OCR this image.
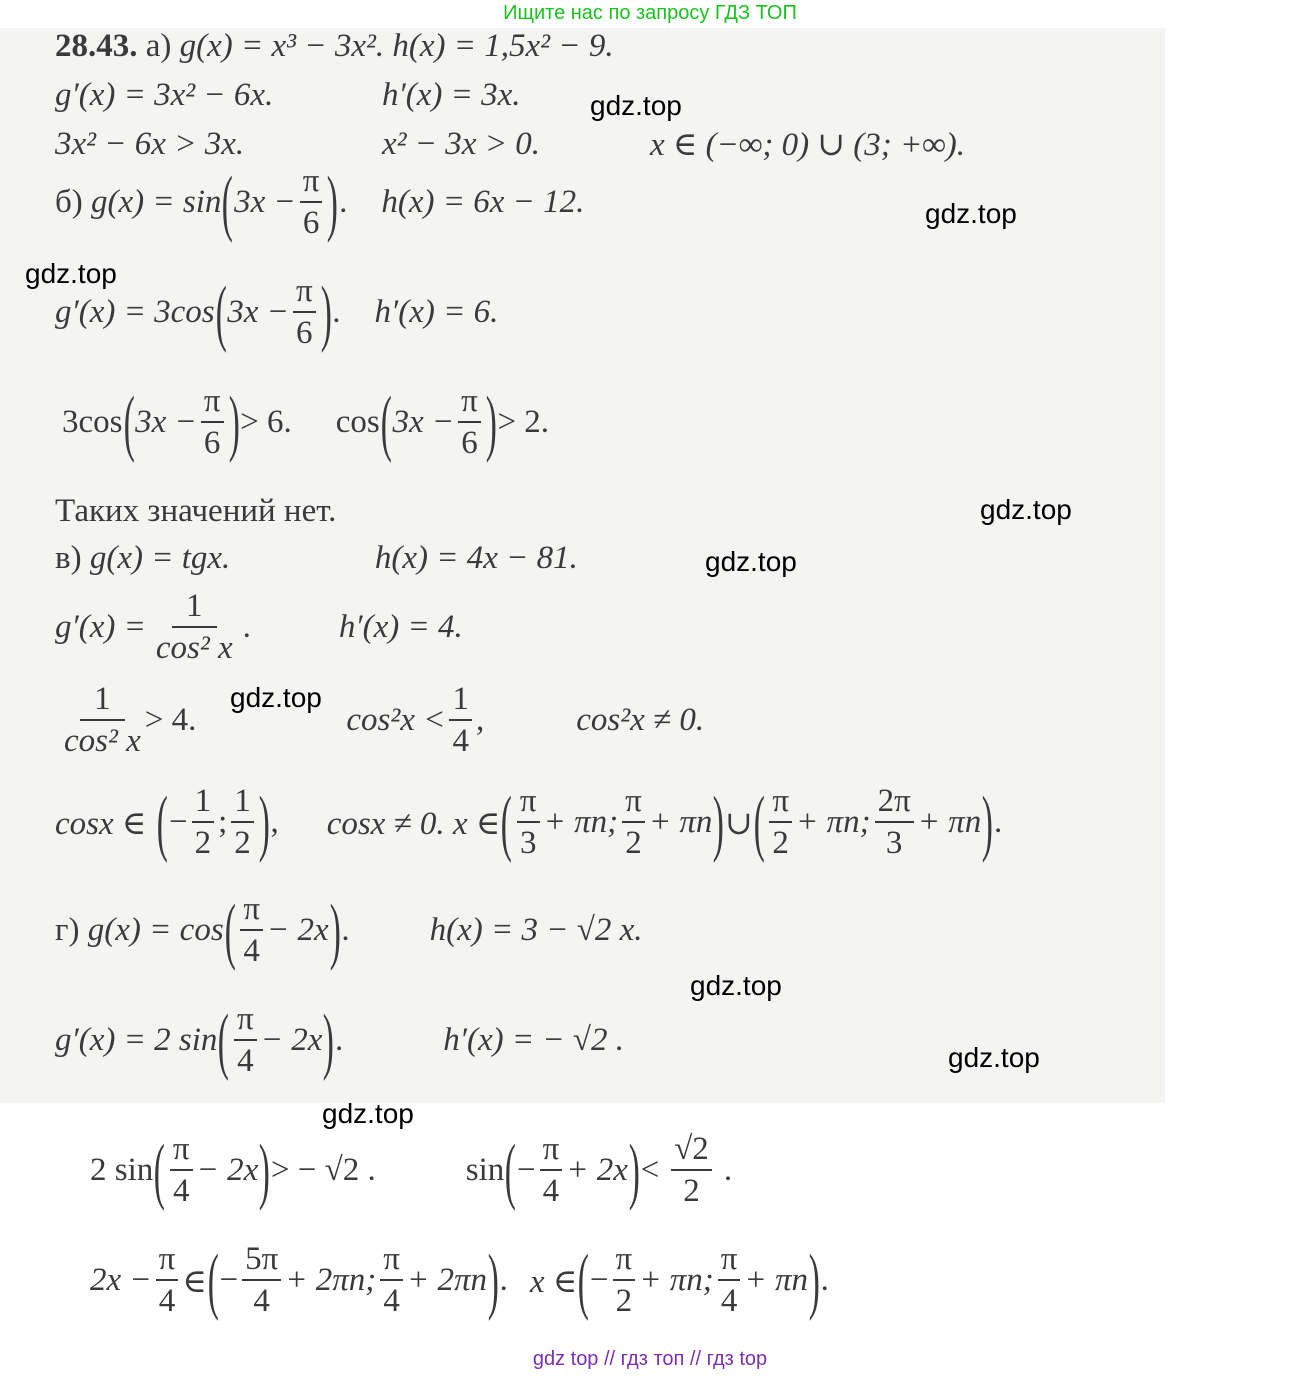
Ищите нас по запросу ГДЗ ТОП
28.43.
а)
g(x) = x³ − 3x². h(x) = 1,5x² − 9.
g′(x) = 3x² − 6x.	h′(x) = 3x.
3x² − 6x > 3x.	x² − 3x > 0.	x ∈ (−∞; 0) ∪ (3; +∞).
б)
g(x) = sin ( $3x - \frac{\pi}{6}$ ) . h(x) = 6x − 12.
g′(x) = 3cos ( $3x - \frac{\pi}{6}$ ) . h′(x) = 6.
3cos ( $3x - \frac{\pi}{6}$ ) > 6. cos ( $3x - \frac{\pi}{6}$ ) > 2.
Таких значений нет.
в)
g(x) = tgx.	h(x) = 4x − 81.
$g'(x) = \frac{1}{\text{cos² x}}$ .	h′(x) = 4.
$\frac{1}{\text{cos² x}} > 4$.	$\cos^2x < \frac{1}{4}$ ,	cos²x ≠ 0.
cosx ∈ ( − $\frac{1}{2}$ ; $\frac{1}{2}$ ) , cosx ≠ 0. x ∈ ( $\frac{\pi}{3} + \pi n$; $\frac{\pi}{2} + \pi n$ ) ∪ ( $\frac{\pi}{2} + \pi n$; $\frac{2\pi}{3} + \pi n$ ) .
г)
g(x) = cos ( $\frac{\pi}{4} - 2x$ ) . h(x) = 3 − √2 x.
g′(x) = 2 sin ( $\frac{\pi}{4} - 2x$ ) .	h′(x) = − √2 .
2 sin ( $\frac{\pi}{4} - 2x$ ) > − √2 .	sin ( − $\frac{\pi}{4} + 2x$ ) < $\frac{√2}{2}$ .
$2x - \frac{\pi}{4}$ ∈ ( − $\frac{5\pi}{4} + 2\pi n$; $\frac{\pi}{4} + 2\pi n$ ) . x ∈ ( − $\frac{\pi}{2} + \pi n$; $\frac{\pi}{4} + \pi n$ ) .
gdz.top
gdz.top
gdz.top
gdz.top
gdz.top
gdz.top
gdz.top
gdz.top
gdz.top
gdz top // гдз топ // гдз top
